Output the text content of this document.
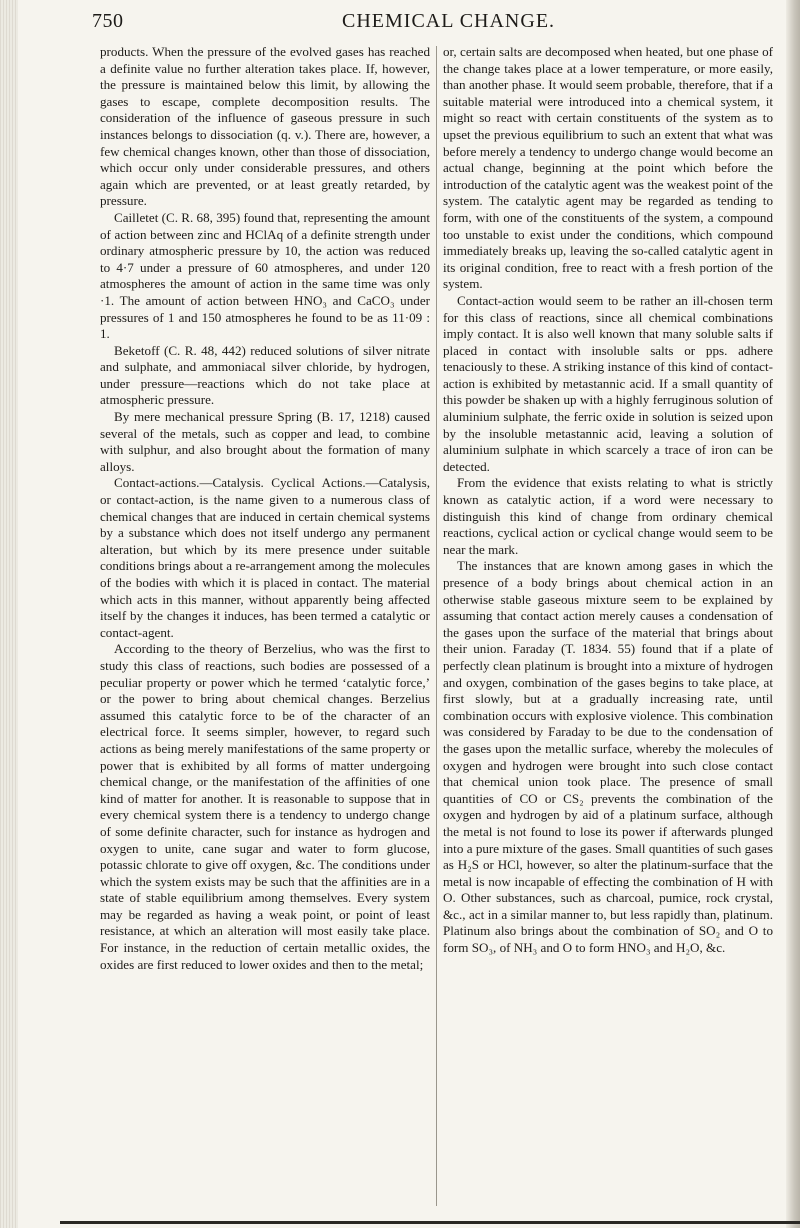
750	CHEMICAL CHANGE.

products. When the pressure of the evolved gases has reached a definite value no further alteration takes place. If, however, the pressure is maintained below this limit, by allowing the gases to escape, complete decomposition results. The consideration of the influence of gaseous pressure in such instances belongs to dissociation (q. v.). There are, however, a few chemical changes known, other than those of dissociation, which occur only under considerable pressures, and others again which are prevented, or at least greatly retarded, by pressure.

Cailletet (C. R. 68, 395) found that, representing the amount of action between zinc and HClAq of a definite strength under ordinary atmospheric pressure by 10, the action was reduced to 4·7 under a pressure of 60 atmospheres, and under 120 atmospheres the amount of action in the same time was only ·1. The amount of action between HNO₃ and CaCO₃ under pressures of 1 and 150 atmospheres he found to be as 11·09 : 1.

Beketoff (C. R. 48, 442) reduced solutions of silver nitrate and sulphate, and ammoniacal silver chloride, by hydrogen, under pressure—reactions which do not take place at atmospheric pressure.

By mere mechanical pressure Spring (B. 17, 1218) caused several of the metals, such as copper and lead, to combine with sulphur, and also brought about the formation of many alloys.

Contact-actions.—Catalysis. Cyclical Actions.—Catalysis, or contact-action, is the name given to a numerous class of chemical changes that are induced in certain chemical systems by a substance which does not itself undergo any permanent alteration, but which by its mere presence under suitable conditions brings about a re-arrangement among the molecules of the bodies with which it is placed in contact. The material which acts in this manner, without apparently being affected itself by the changes it induces, has been termed a catalytic or contact-agent.

According to the theory of Berzelius, who was the first to study this class of reactions, such bodies are possessed of a peculiar property or power which he termed ‘catalytic force,’ or the power to bring about chemical changes. Berzelius assumed this catalytic force to be of the character of an electrical force. It seems simpler, however, to regard such actions as being merely manifestations of the same property or power that is exhibited by all forms of matter undergoing chemical change, or the manifestation of the affinities of one kind of matter for another. It is reasonable to suppose that in every chemical system there is a tendency to undergo change of some definite character, such for instance as hydrogen and oxygen to unite, cane sugar and water to form glucose, potassic chlorate to give off oxygen, &c. The conditions under which the system exists may be such that the affinities are in a state of stable equilibrium among themselves. Every system may be regarded as having a weak point, or point of least resistance, at which an alteration will most easily take place. For instance, in the reduction of certain metallic oxides, the oxides are first reduced to lower oxides and then to the metal;

or, certain salts are decomposed when heated, but one phase of the change takes place at a lower temperature, or more easily, than another phase. It would seem probable, therefore, that if a suitable material were introduced into a chemical system, it might so react with certain constituents of the system as to upset the previous equilibrium to such an extent that what was before merely a tendency to undergo change would become an actual change, beginning at the point which before the introduction of the catalytic agent was the weakest point of the system. The catalytic agent may be regarded as tending to form, with one of the constituents of the system, a compound too unstable to exist under the conditions, which compound immediately breaks up, leaving the so-called catalytic agent in its original condition, free to react with a fresh portion of the system.

Contact-action would seem to be rather an ill-chosen term for this class of reactions, since all chemical combinations imply contact. It is also well known that many soluble salts if placed in contact with insoluble salts or pps. adhere tenaciously to these. A striking instance of this kind of contact-action is exhibited by metastannic acid. If a small quantity of this powder be shaken up with a highly ferruginous solution of aluminium sulphate, the ferric oxide in solution is seized upon by the insoluble metastannic acid, leaving a solution of aluminium sulphate in which scarcely a trace of iron can be detected.

From the evidence that exists relating to what is strictly known as catalytic action, if a word were necessary to distinguish this kind of change from ordinary chemical reactions, cyclical action or cyclical change would seem to be near the mark.

The instances that are known among gases in which the presence of a body brings about chemical action in an otherwise stable gaseous mixture seem to be explained by assuming that contact action merely causes a condensation of the gases upon the surface of the material that brings about their union. Faraday (T. 1834. 55) found that if a plate of perfectly clean platinum is brought into a mixture of hydrogen and oxygen, combination of the gases begins to take place, at first slowly, but at a gradually increasing rate, until combination occurs with explosive violence. This combination was considered by Faraday to be due to the condensation of the gases upon the metallic surface, whereby the molecules of oxygen and hydrogen were brought into such close contact that chemical union took place. The presence of small quantities of CO or CS₂ prevents the combination of the oxygen and hydrogen by aid of a platinum surface, although the metal is not found to lose its power if afterwards plunged into a pure mixture of the gases. Small quantities of such gases as H₂S or HCl, however, so alter the platinum-surface that the metal is now incapable of effecting the combination of H with O. Other substances, such as charcoal, pumice, rock crystal, &c., act in a similar manner to, but less rapidly than, platinum. Platinum also brings about the combination of SO₂ and O to form SO₃, of NH₃ and O to form HNO₃ and H₂O, &c.
